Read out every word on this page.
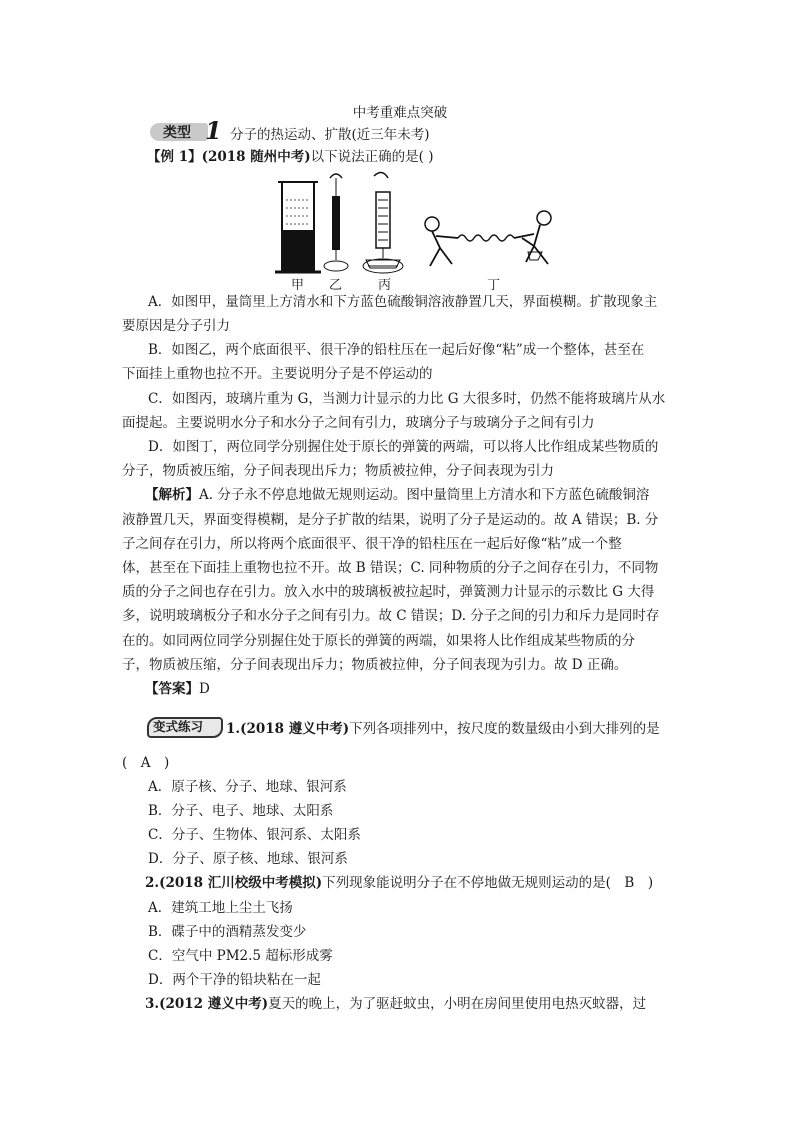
中考重难点突破
类型 1 分子的热运动、扩散(近三年未考)
【例 1】(2018 随州中考)以下说法正确的是( )
甲 乙	丙	丁
A．如图甲，量筒里上方清水和下方蓝色硫酸铜溶液静置几天，界面模糊。扩散现象主
要原因是分子引力
B．如图乙，两个底面很平、很干净的铅柱压在一起后好像“粘”成一个整体，甚至在
下面挂上重物也拉不开。主要说明分子是不停运动的
C．如图丙，玻璃片重为 G，当测力计显示的力比 G 大很多时，仍然不能将玻璃片从水
面提起。主要说明水分子和水分子之间有引力，玻璃分子与玻璃分子之间有引力
D．如图丁，两位同学分别握住处于原长的弹簧的两端，可以将人比作组成某些物质的
分子，物质被压缩，分子间表现出斥力；物质被拉伸，分子间表现为引力
【解析】A. 分子永不停息地做无规则运动。图中量筒里上方清水和下方蓝色硫酸铜溶
液静置几天，界面变得模糊，是分子扩散的结果，说明了分子是运动的。故 A 错误；B. 分
子之间存在引力，所以将两个底面很平、很干净的铅柱压在一起后好像“粘”成一个整
体，甚至在下面挂上重物也拉不开。故 B 错误；C. 同种物质的分子之间存在引力，不同物
质的分子之间也存在引力。放入水中的玻璃板被拉起时，弹簧测力计显示的示数比 G 大得
多，说明玻璃板分子和水分子之间有引力。故 C 错误；D. 分子之间的引力和斥力是同时存
在的。如同两位同学分别握住处于原长的弹簧的两端，如果将人比作组成某些物质的分
子，物质被压缩，分子间表现出斥力；物质被拉伸，分子间表现为引力。故 D 正确。
【答案】D
变式练习 1.(2018 遵义中考)下列各项排列中，按尺度的数量级由小到大排列的是
(　A　)
A．原子核、分子、地球、银河系
B．分子、电子、地球、太阳系
C．分子、生物体、银河系、太阳系
D．分子、原子核、地球、银河系
2.(2018 汇川校级中考模拟)下列现象能说明分子在不停地做无规则运动的是(　B　)
A．建筑工地上尘土飞扬
B．碟子中的酒精蒸发变少
C．空气中 PM2.5 超标形成雾
D．两个干净的铅块粘在一起
3.(2012 遵义中考)夏天的晚上，为了驱赶蚊虫，小明在房间里使用电热灭蚊器，过
